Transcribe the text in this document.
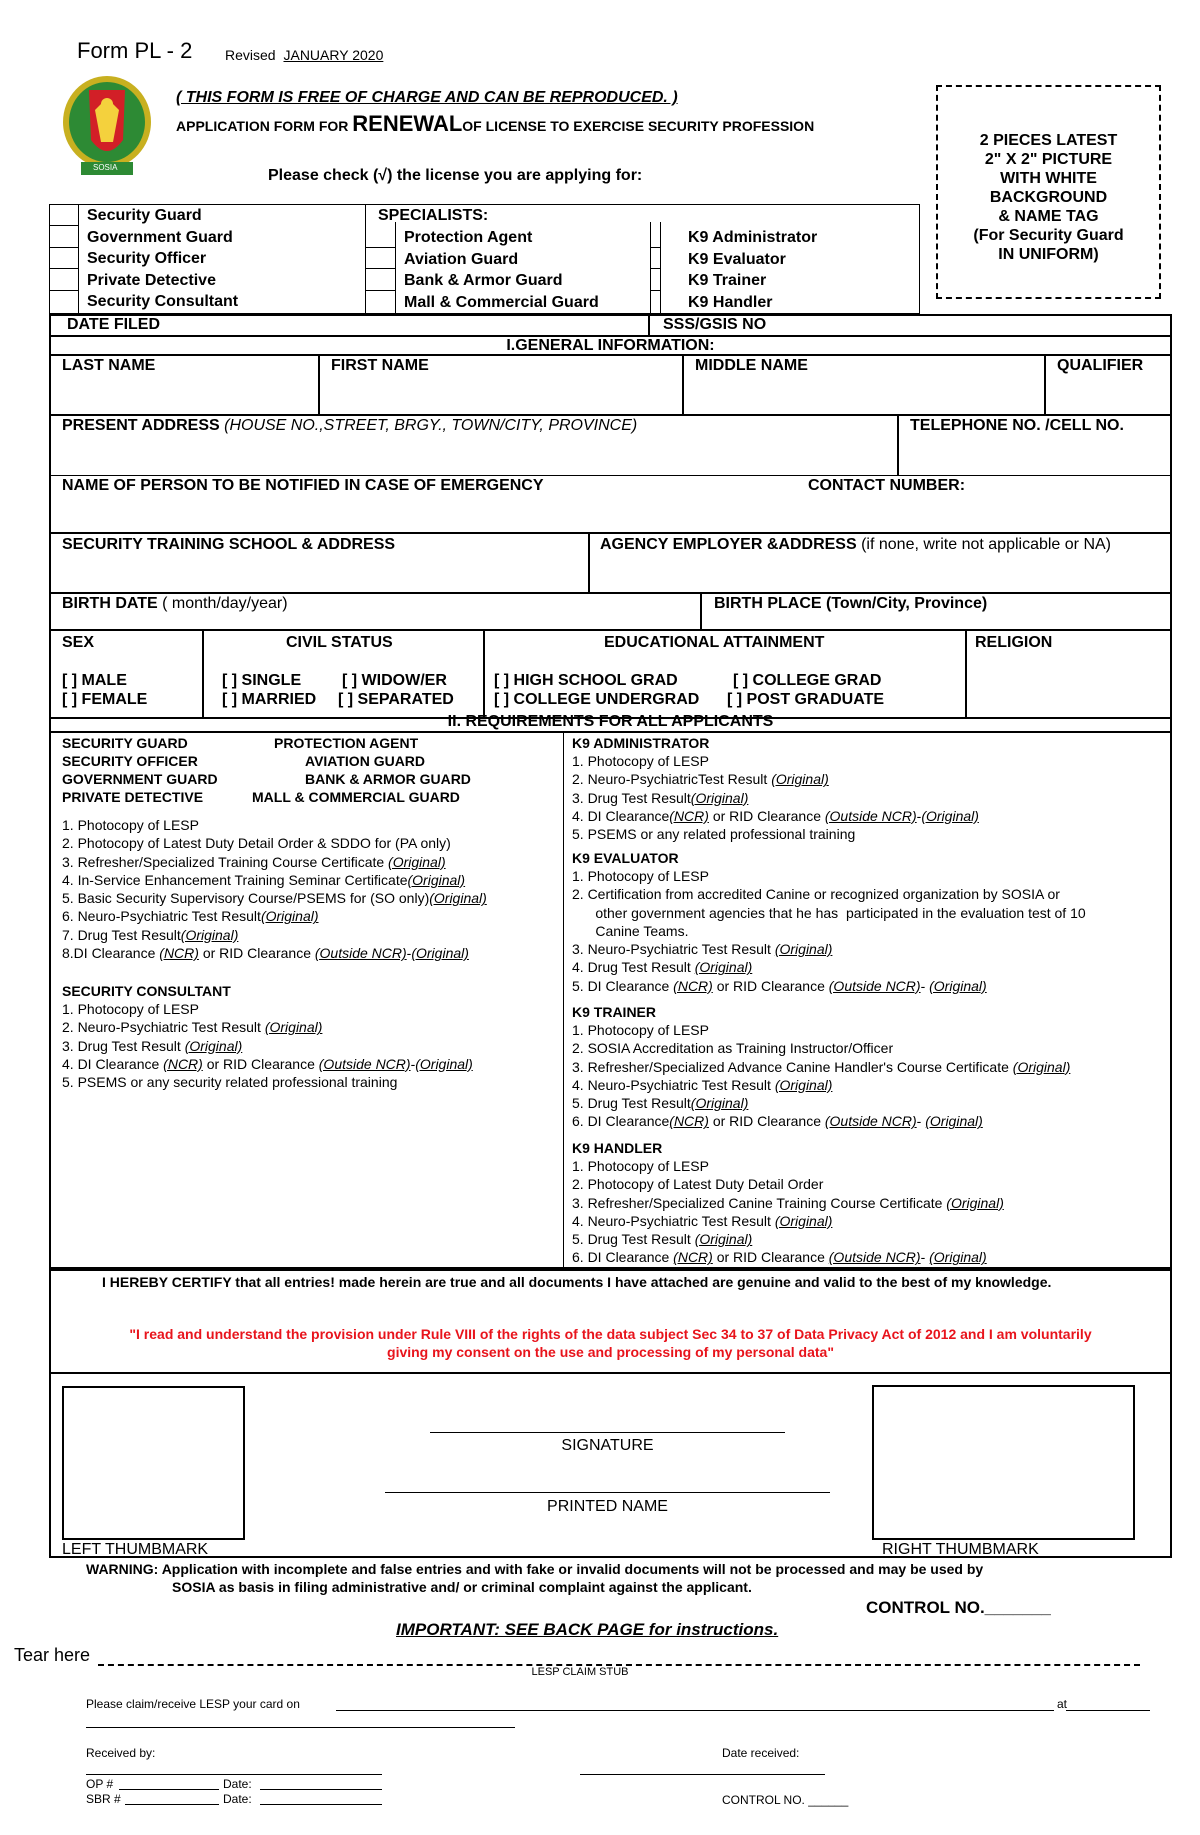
Form PL - 2 Revised JANUARY 2020
SOSIA
( THIS FORM IS FREE OF CHARGE AND CAN BE REPRODUCED. )
APPLICATION FORM FOR RENEWALOF LICENSE TO EXERCISE SECURITY PROFESSION
Please check (√) the license you are applying for:
2 PIECES LATEST
2" X 2" PICTURE
WITH WHITE
BACKGROUND
& NAME TAG
(For Security Guard
IN UNIFORM)
Security Guard
Government Guard
Security Officer
Private Detective
Security Consultant
SPECIALISTS:
Protection Agent
Aviation Guard
Bank & Armor Guard
Mall & Commercial Guard
K9 Administrator
K9 Evaluator
K9 Trainer
K9 Handler
DATE FILED	SSS/GSIS NO
I.GENERAL INFORMATION:
LAST NAME	FIRST NAME	MIDDLE NAME	QUALIFIER
PRESENT ADDRESS (HOUSE NO.,STREET, BRGY., TOWN/CITY, PROVINCE)	TELEPHONE NO. /CELL NO.
NAME OF PERSON TO BE NOTIFIED IN CASE OF EMERGENCY	CONTACT NUMBER:
SECURITY TRAINING SCHOOL & ADDRESS	AGENCY EMPLOYER &ADDRESS (if none, write not applicable or NA)
BIRTH DATE ( month/day/year)	BIRTH PLACE (Town/City, Province)
SEX	CIVIL STATUS	EDUCATIONAL ATTAINMENT	RELIGION
[ ] MALE
[ ] FEMALE
[ ] SINGLE	[ ] WIDOW/ER
[ ] MARRIED [ ] SEPARATED
[ ] HIGH SCHOOL GRAD	[ ] COLLEGE GRAD
[ ] COLLEGE UNDERGRAD [ ] POST GRADUATE
II. REQUIREMENTS FOR ALL APPLICANTS
SECURITY GUARD	PROTECTION AGENT
SECURITY OFFICER	AVIATION GUARD
GOVERNMENT GUARD	BANK & ARMOR GUARD
PRIVATE DETECTIVE	MALL & COMMERCIAL GUARD
1. Photocopy of LESP
2. Photocopy of Latest Duty Detail Order & SDDO for (PA only)
3. Refresher/Specialized Training Course Certificate (Original)
4. In-Service Enhancement Training Seminar Certificate(Original)
5. Basic Security Supervisory Course/PSEMS for (SO only)(Original)
6. Neuro-Psychiatric Test Result(Original)
7. Drug Test Result(Original)
8.DI Clearance (NCR) or RID Clearance (Outside NCR)-(Original)
SECURITY CONSULTANT
1. Photocopy of LESP
2. Neuro-Psychiatric Test Result (Original)
3. Drug Test Result (Original)
4. DI Clearance (NCR) or RID Clearance (Outside NCR)-(Original)
5. PSEMS or any security related professional training
K9 ADMINISTRATOR
1. Photocopy of LESP
2. Neuro-PsychiatricTest Result (Original)
3. Drug Test Result(Original)
4. DI Clearance(NCR) or RID Clearance (Outside NCR)-(Original)
5. PSEMS or any related professional training
K9 EVALUATOR
1. Photocopy of LESP
2. Certification from accredited Canine or recognized organization by SOSIA or
other government agencies that he has  participated in the evaluation test of 10
Canine Teams.
3. Neuro-Psychiatric Test Result (Original)
4. Drug Test Result (Original)
5. DI Clearance (NCR) or RID Clearance (Outside NCR)- (Original)
K9 TRAINER
1. Photocopy of LESP
2. SOSIA Accreditation as Training Instructor/Officer
3. Refresher/Specialized Advance Canine Handler's Course Certificate (Original)
4. Neuro-Psychiatric Test Result (Original)
5. Drug Test Result(Original)
6. DI Clearance(NCR) or RID Clearance (Outside NCR)- (Original)
K9 HANDLER
1. Photocopy of LESP
2. Photocopy of Latest Duty Detail Order
3. Refresher/Specialized Canine Training Course Certificate (Original)
4. Neuro-Psychiatric Test Result (Original)
5. Drug Test Result (Original)
6. DI Clearance (NCR) or RID Clearance (Outside NCR)- (Original)
I HEREBY CERTIFY that all entries! made herein are true and all documents I have attached are genuine and valid to the best of my knowledge.
"I read and understand the provision under Rule VIII of the rights of the data subject Sec 34 to 37 of Data Privacy Act of 2012 and I am voluntarily
giving my consent on the use and processing of my personal data"
SIGNATURE
PRINTED NAME
LEFT THUMBMARK	RIGHT THUMBMARK
WARNING: Application with incomplete and false entries and with fake or invalid documents will not be processed and may be used by
SOSIA as basis in filing administrative and/ or criminal complaint against the applicant.
CONTROL NO._______
IMPORTANT: SEE BACK PAGE for instructions.
Tear here
LESP CLAIM STUB
Please claim/receive LESP your card on	at
Received by:	Date received:
OP #	Date:
SBR #	Date:	CONTROL NO. ______
